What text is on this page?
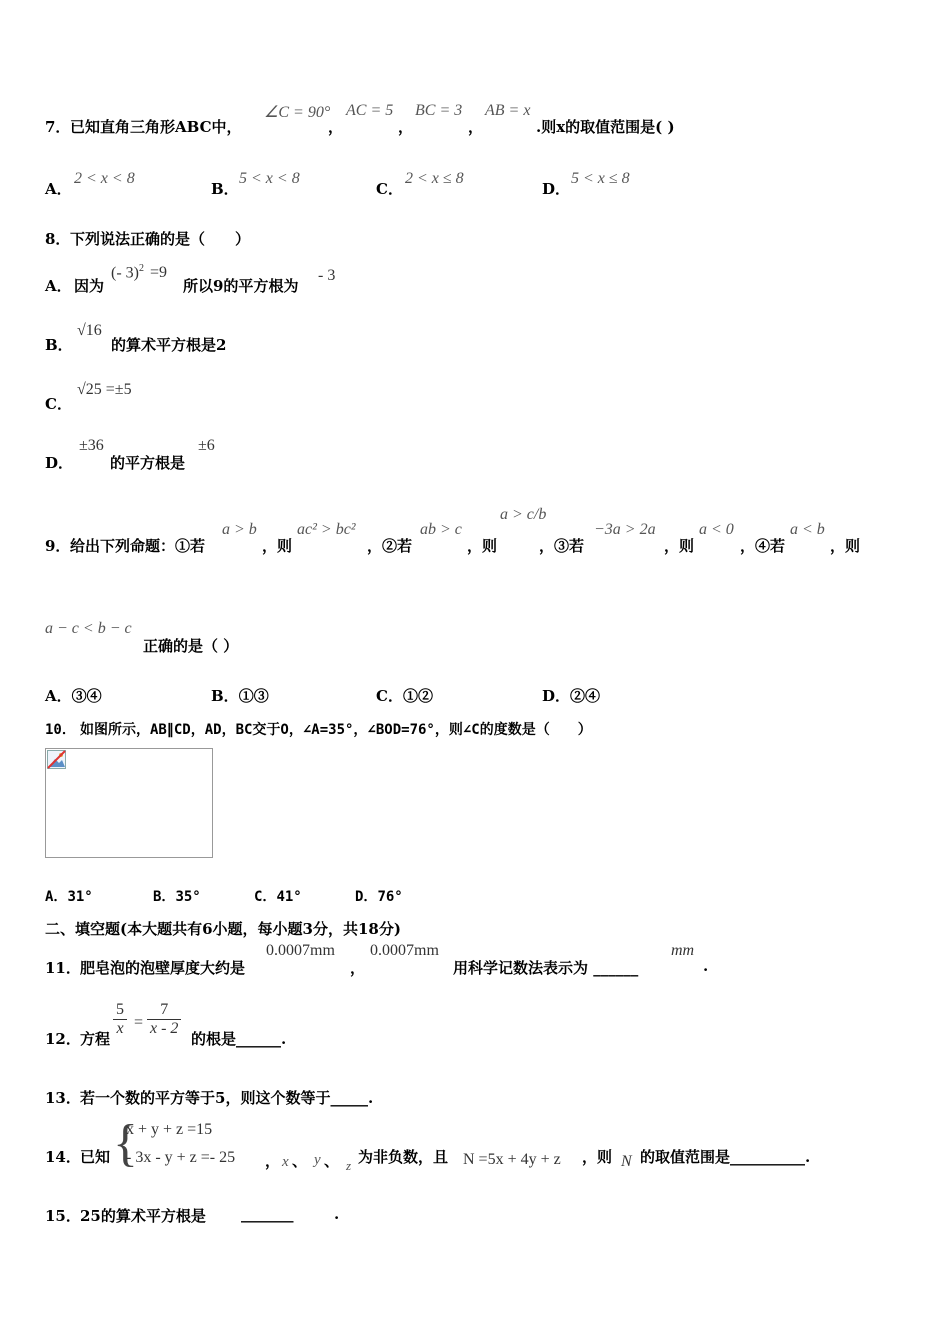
7． 已知直角三角形ABC中，
∠C = 90°
，
AC = 5
，
BC = 3
，
AB = x
.则x的取值范围是( )
A．
2 < x < 8
B．
5 < x < 8
C．
2 < x ≤ 8
D．
5 < x ≤ 8
8． 下列说法正确的是（　　）
A． 因为
(- 3)$^2$ =9
所以9的平方根为
- 3
B．
√16
的算术平方根是2
C．
√25 =±5
D．
±36
的平方根是
±6
9． 给出下列命题：①若
a > b
，则
ac² > bc²
，②若
ab > c
，则
a > c/b
，③若
−3a > 2a
，则
a < 0
，④若
a < b
，则
a − c < b − c
正确的是（ ）
A．③④	B．①③	C．①②	D．②④
10． 如图所示，AB∥CD，AD，BC交于O，∠A=35°，∠BOD=76°，则∠C的度数是（　　）
A．31°	B．35°	C．41°	D．76°
二、填空题(本大题共有6小题，每小题3分，共18分)
11． 肥皂泡的泡壁厚度大约是
0.0007mm
，
0.0007mm
用科学记数法表示为 ______
mm
.
12． 方程
$\frac{5}{x} = \frac{7}{x - 2}$
的根是______.
13． 若一个数的平方等于5，则这个数等于_____.
14． 已知 {
x + y + z =15
- 3x - y + z =- 25 ， x 、 y 、 z 为非负数，且 N =5x + 4y + z ，则 N 的取值范围是__________.
15． 25的算术平方根是 _______	.
